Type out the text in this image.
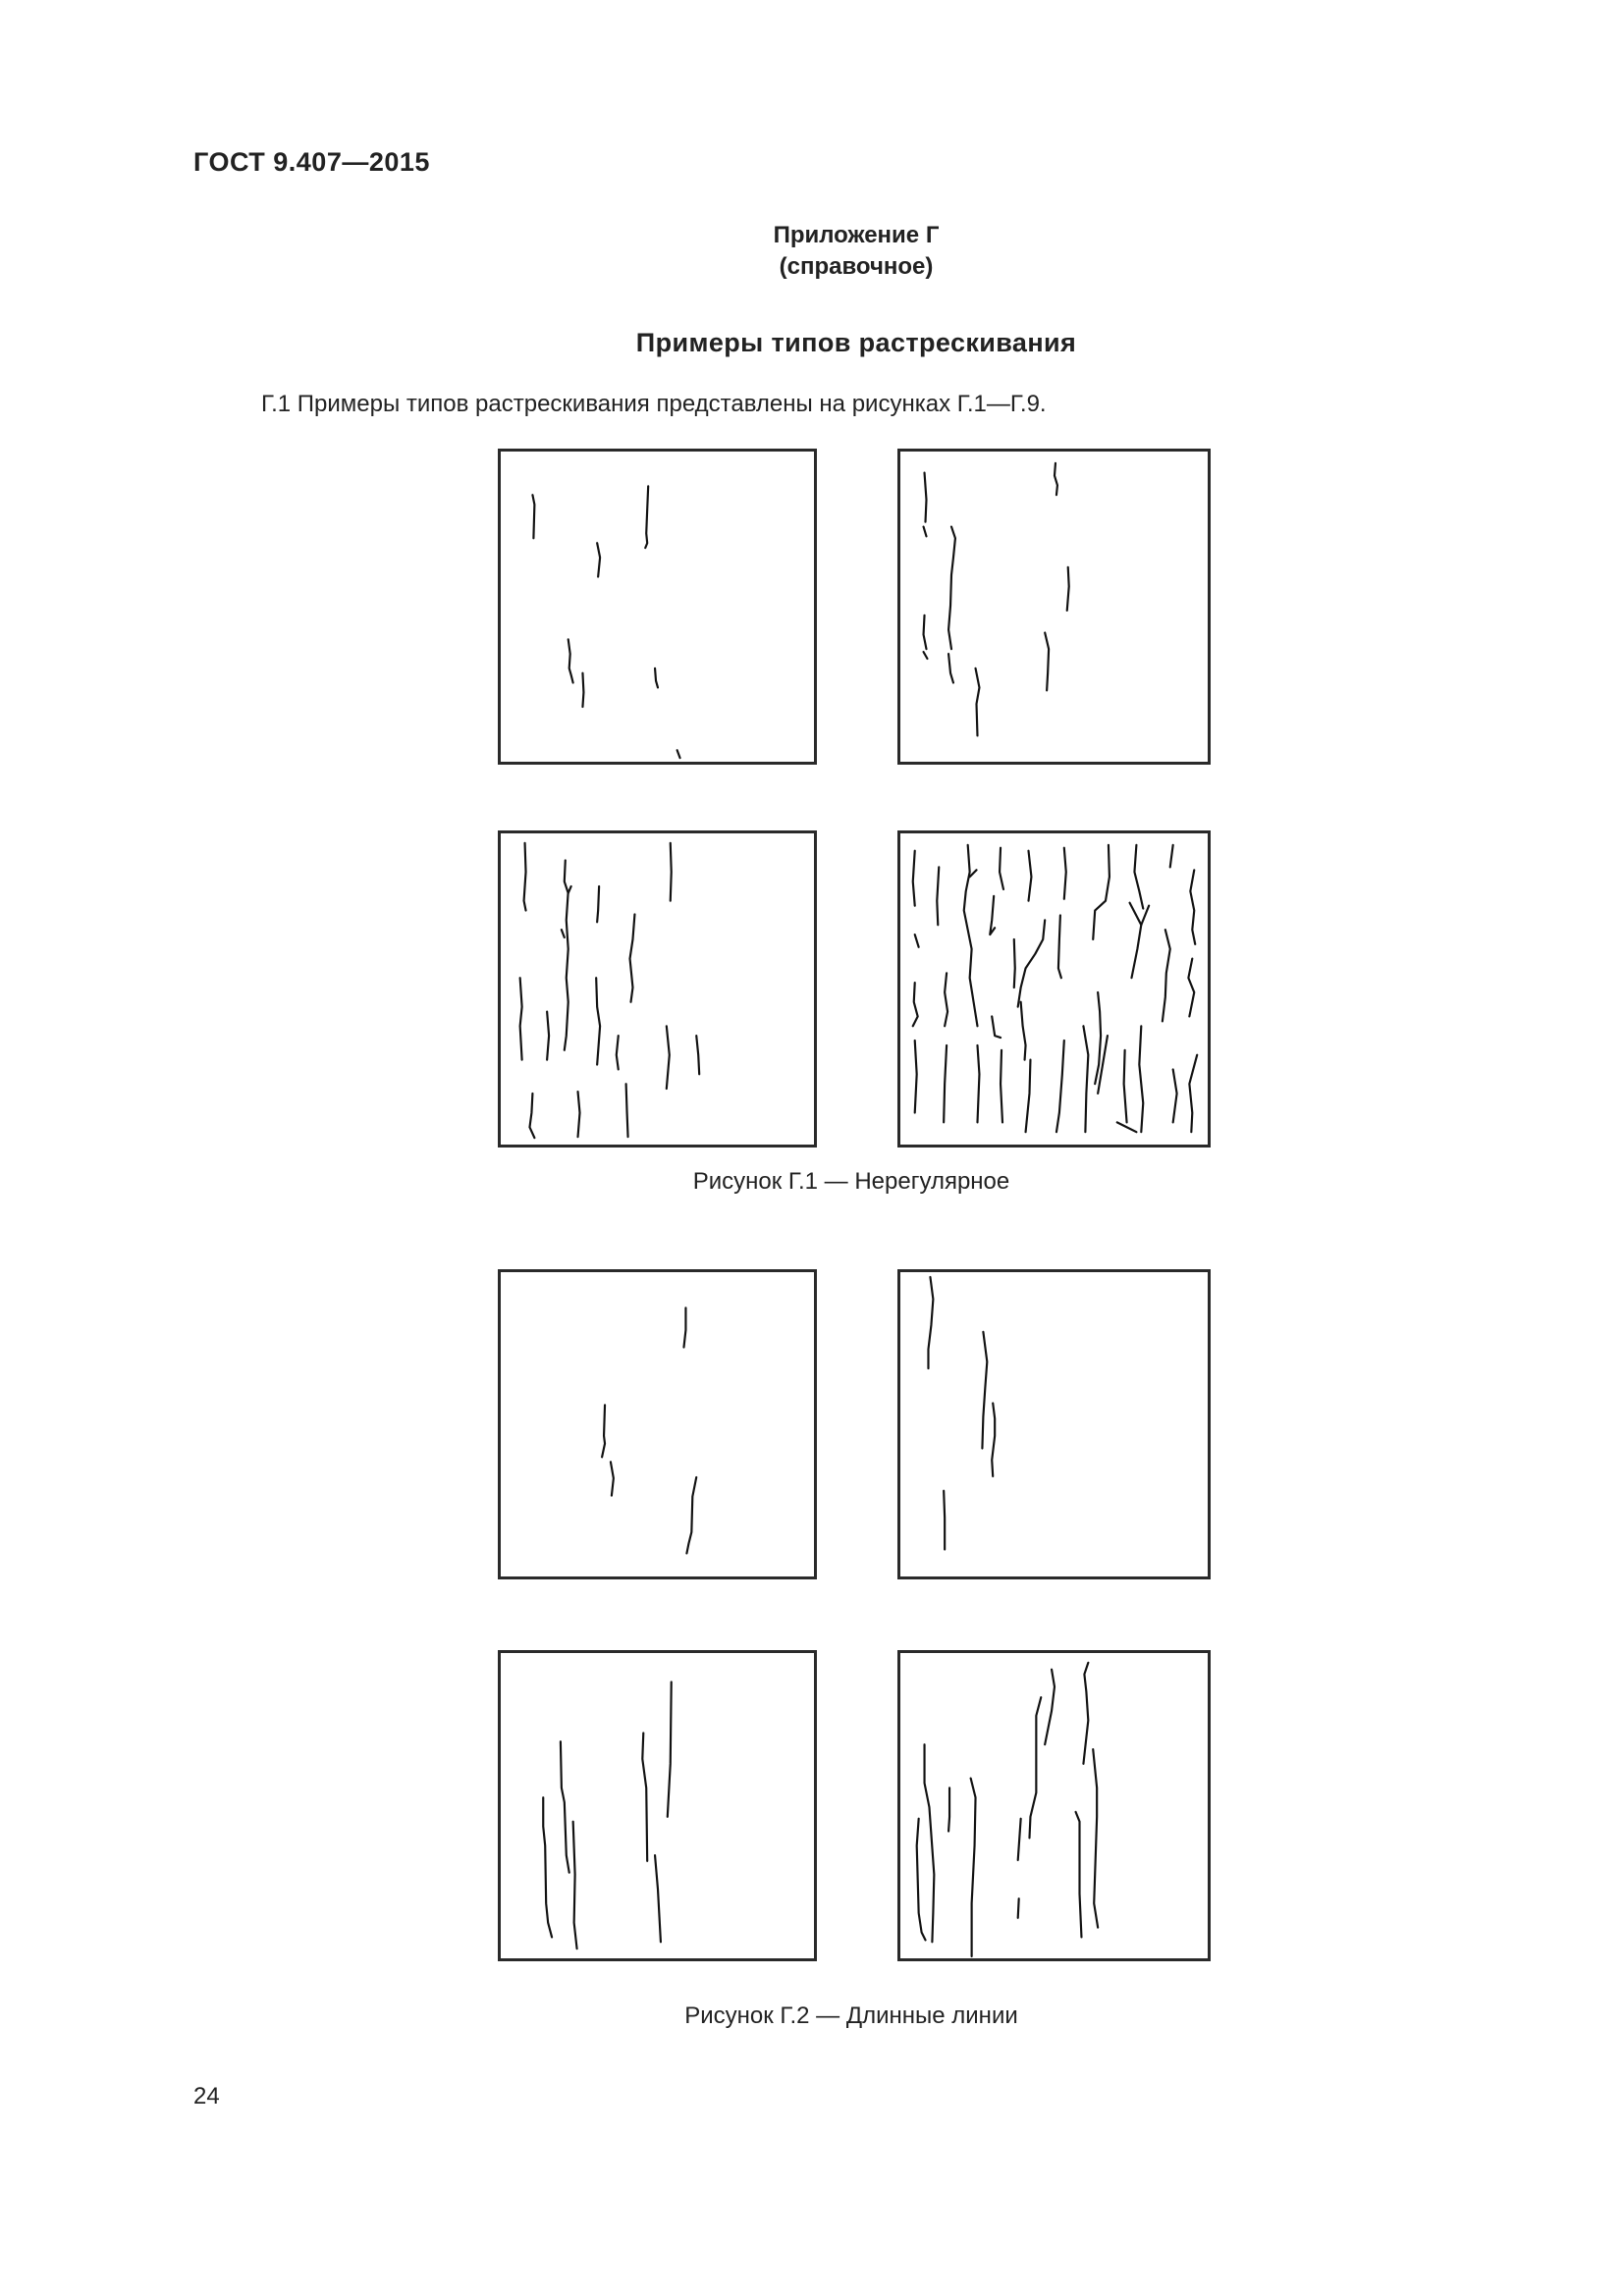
ГОСТ 9.407—2015
Приложение Г
(справочное)
Примеры типов растрескивания
Г.1 Примеры типов растрескивания представлены на рисунках Г.1—Г.9.
Рисунок Г.1 — Нерегулярное
Рисунок Г.2 — Длинные линии
24
